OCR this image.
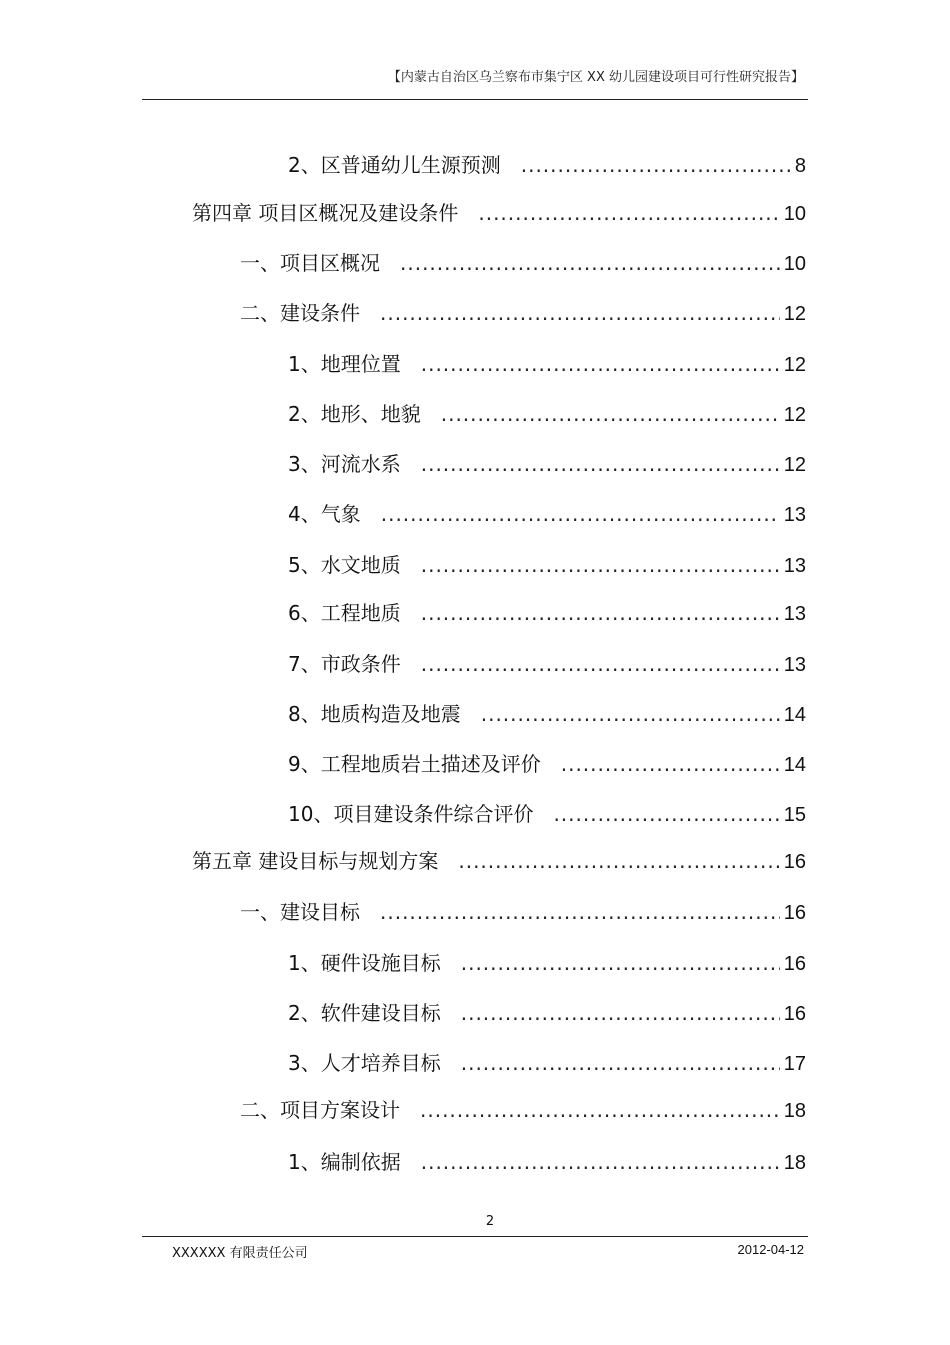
【内蒙古自治区乌兰察布市集宁区 XX 幼儿园建设项目可行性研究报告】
2、区普通幼儿生源预测 .....	8
第四章 项目区概况及建设条件 .....	10
一、项目区概况 .....	10
二、建设条件 .....	12
1、地理位置 .....	12
2、地形、地貌 .....	12
3、河流水系 .....	12
4、气象 .....	13
5、水文地质 .....	13
6、工程地质 .....	13
7、市政条件 .....	13
8、地质构造及地震 .....	14
9、工程地质岩土描述及评价 .....	14
10、项目建设条件综合评价 .....	15
第五章 建设目标与规划方案 .....	16
一、建设目标 .....	16
1、硬件设施目标 .....	16
2、软件建设目标 .....	16
3、人才培养目标 .....	17
二、项目方案设计 .....	18
1、编制依据 .....	18
2
XXXXXX 有限责任公司	2012-04-12
